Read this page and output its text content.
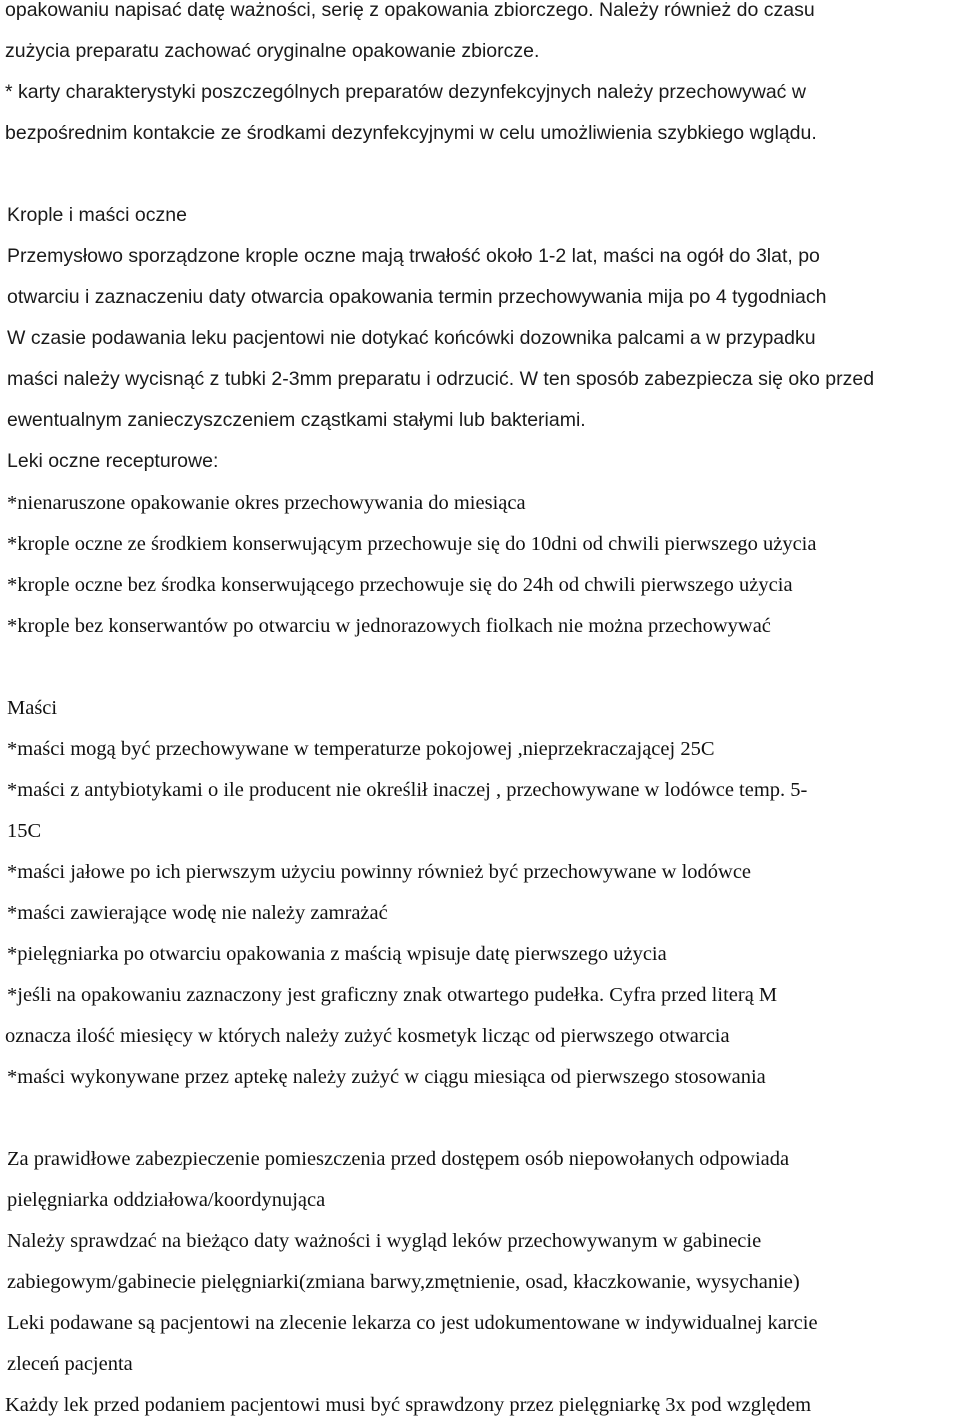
opakowaniu napisać datę ważności, serię z opakowania zbiorczego. Należy również do czasu
zużycia preparatu zachować oryginalne opakowanie zbiorcze.
* karty charakterystyki poszczególnych preparatów dezynfekcyjnych należy przechowywać w
bezpośrednim kontakcie ze środkami dezynfekcyjnymi w celu umożliwienia szybkiego wglądu.
Krople i maści oczne
Przemysłowo sporządzone krople oczne mają trwałość około 1-2 lat, maści na ogół do 3lat, po
otwarciu i zaznaczeniu daty otwarcia opakowania termin przechowywania mija po 4 tygodniach
W czasie podawania leku pacjentowi nie dotykać końcówki dozownika palcami a w przypadku
maści należy wycisnąć z tubki 2-3mm preparatu i odrzucić. W ten sposób zabezpiecza się oko przed
ewentualnym zanieczyszczeniem cząstkami stałymi lub bakteriami.
Leki oczne recepturowe:
*nienaruszone opakowanie okres przechowywania do miesiąca
*krople oczne ze środkiem konserwującym przechowuje się do 10dni od chwili pierwszego użycia
*krople oczne bez środka konserwującego przechowuje się do 24h od chwili pierwszego użycia
*krople bez konserwantów po otwarciu w jednorazowych fiolkach nie można przechowywać
Maści
*maści mogą być przechowywane w temperaturze pokojowej ,nieprzekraczającej 25C
*maści z antybiotykami o ile producent nie określił inaczej , przechowywane w lodówce temp. 5-
15C
*maści jałowe po ich pierwszym użyciu powinny również być przechowywane w lodówce
*maści zawierające wodę nie należy zamrażać
*pielęgniarka po otwarciu opakowania z maścią wpisuje datę pierwszego użycia
*jeśli na opakowaniu zaznaczony jest graficzny znak otwartego pudełka. Cyfra przed literą M
oznacza ilość miesięcy w których należy zużyć kosmetyk licząc od pierwszego otwarcia
*maści wykonywane przez aptekę należy zużyć w ciągu miesiąca od pierwszego stosowania
Za prawidłowe zabezpieczenie pomieszczenia przed dostępem osób niepowołanych odpowiada
pielęgniarka oddziałowa/koordynująca
Należy sprawdzać na bieżąco daty ważności i wygląd leków przechowywanym w gabinecie
zabiegowym/gabinecie pielęgniarki(zmiana barwy,zmętnienie, osad, kłaczkowanie, wysychanie)
Leki podawane są pacjentowi na zlecenie lekarza co jest udokumentowane w indywidualnej karcie
zleceń pacjenta
Każdy lek przed podaniem pacjentowi musi być sprawdzony przez pielęgniarkę 3x pod względem
